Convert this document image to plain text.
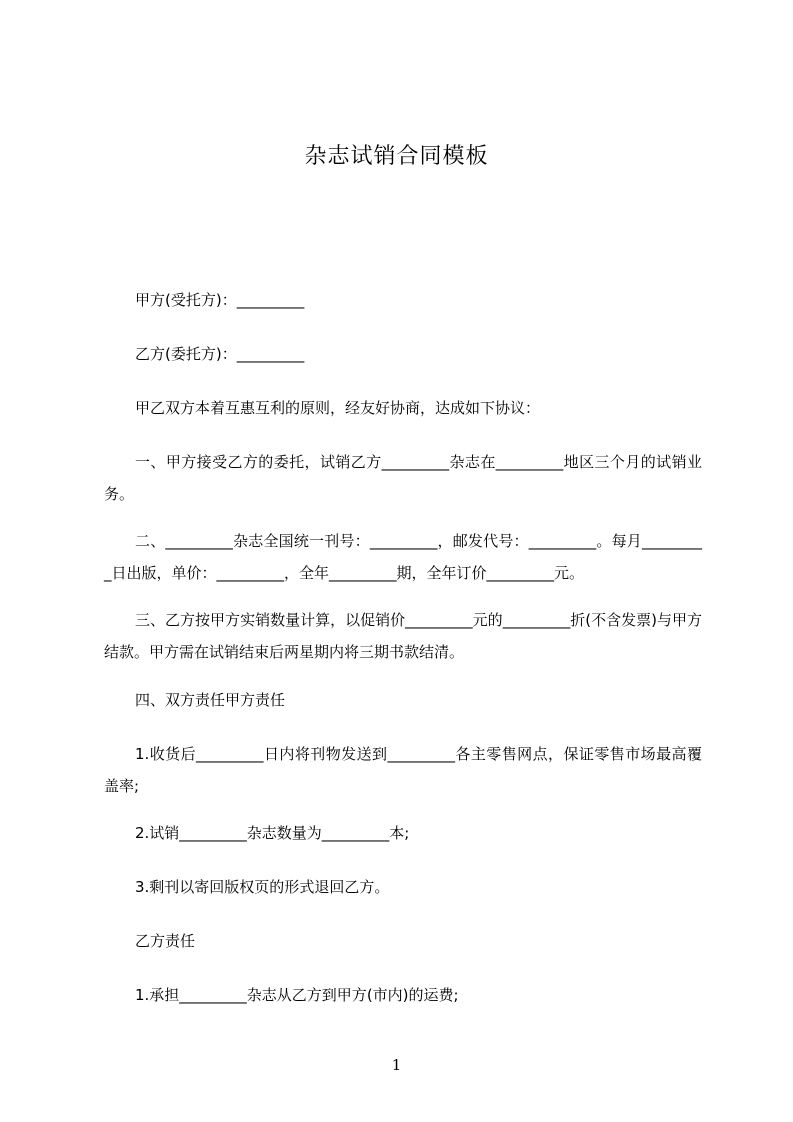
杂志试销合同模板
甲方(受托方)：_________
乙方(委托方)：_________
甲乙双方本着互惠互利的原则，经友好协商，达成如下协议：
一、甲方接受乙方的委托，试销乙方_________杂志在_________地区三个月的试销业务。
二、_________杂志全国统一刊号：_________，邮发代号：_________。每月_________日出版，单价：_________，全年_________期，全年订价_________元。
三、乙方按甲方实销数量计算，以促销价_________元的_________折(不含发票)与甲方结款。甲方需在试销结束后两星期内将三期书款结清。
四、双方责任甲方责任
1.收货后_________日内将刊物发送到_________各主零售网点，保证零售市场最高覆盖率;
2.试销_________杂志数量为_________本;
3.剩刊以寄回版权页的形式退回乙方。
乙方责任
1.承担_________杂志从乙方到甲方(市内)的运费;
1
